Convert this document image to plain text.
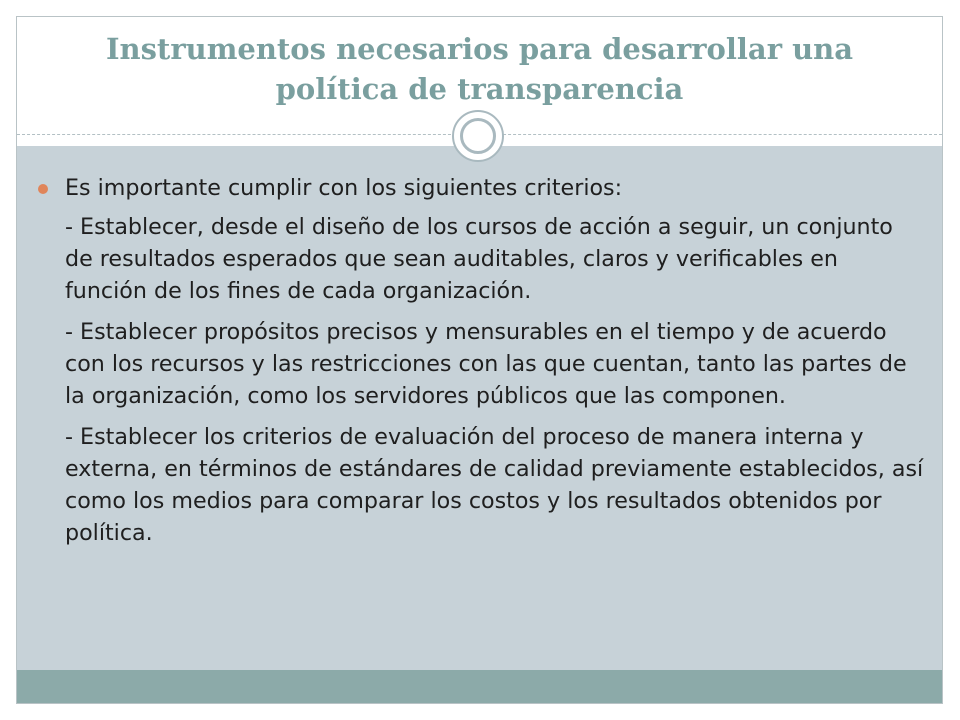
Instrumentos necesarios para desarrollar una política de transparencia

Es importante cumplir con los siguientes criterios:

- Establecer, desde el diseño de los cursos de acción a seguir, un conjunto de resultados esperados que sean auditables, claros y verificables en función de los fines de cada organización.

- Establecer propósitos precisos y mensurables en el tiempo y de acuerdo con los recursos y las restricciones con las que cuentan, tanto las partes de la organización, como los servidores públicos que las componen.

- Establecer los criterios de evaluación del proceso de manera interna y externa, en términos de estándares de calidad previamente establecidos, así como los medios para comparar los costos y los resultados obtenidos por política.
